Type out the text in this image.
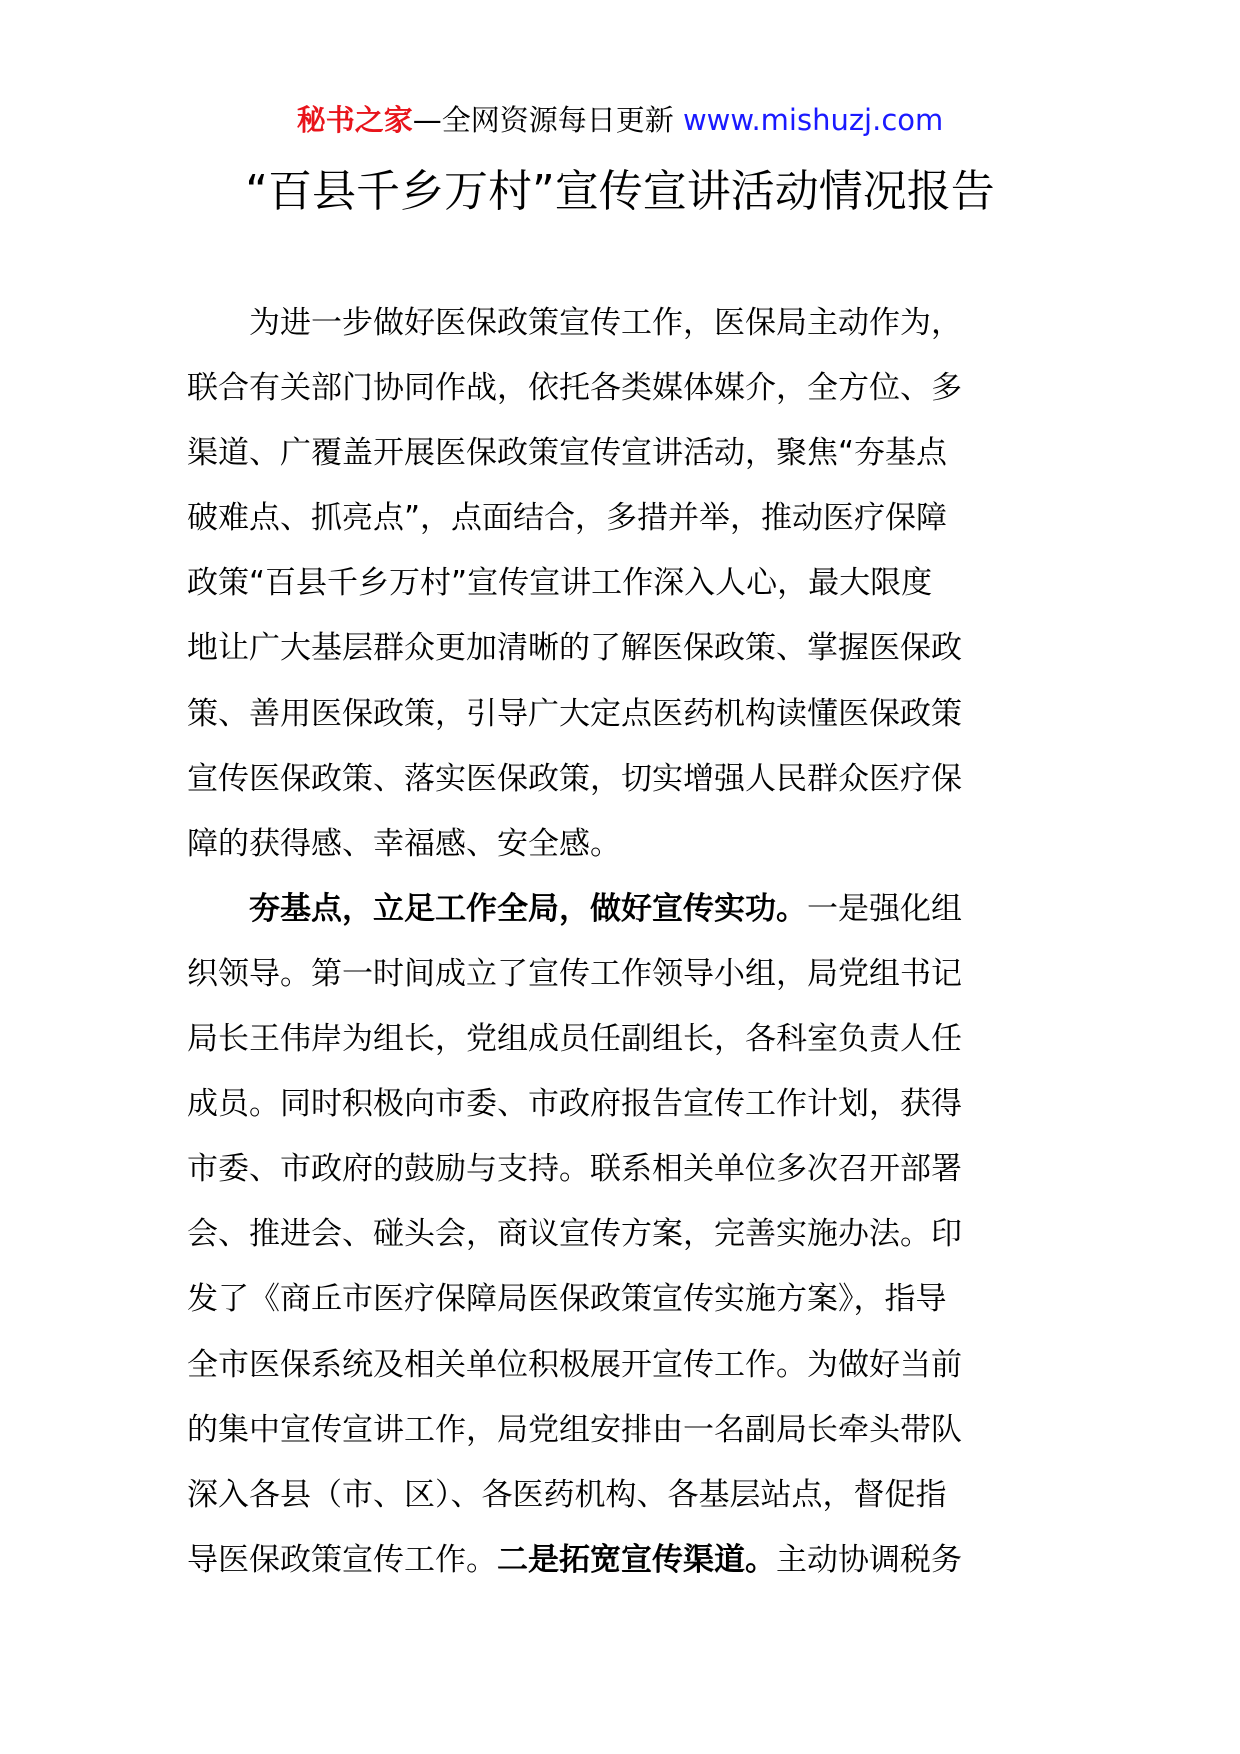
秘书之家—全网资源每日更新 www.mishuzj.com
“百县千乡万村”宣传宣讲活动情况报告

为进一步做好医保政策宣传工作，医保局主动作为，
联合有关部门协同作战，依托各类媒体媒介，全方位、多
渠道、广覆盖开展医保政策宣传宣讲活动，聚焦“夯基点
破难点、抓亮点”，点面结合，多措并举，推动医疗保障
政策“百县千乡万村”宣传宣讲工作深入人心，最大限度
地让广大基层群众更加清晰的了解医保政策、掌握医保政
策、善用医保政策，引导广大定点医药机构读懂医保政策
宣传医保政策、落实医保政策，切实增强人民群众医疗保
障的获得感、幸福感、安全感。

夯基点，立足工作全局，做好宣传实功。一是强化组
织领导。第一时间成立了宣传工作领导小组，局党组书记
局长王伟岸为组长，党组成员任副组长，各科室负责人任
成员。同时积极向市委、市政府报告宣传工作计划，获得
市委、市政府的鼓励与支持。联系相关单位多次召开部署
会、推进会、碰头会，商议宣传方案，完善实施办法。印
发了《商丘市医疗保障局医保政策宣传实施方案》，指导
全市医保系统及相关单位积极展开宣传工作。为做好当前
的集中宣传宣讲工作，局党组安排由一名副局长牵头带队
深入各县（市、区）、各医药机构、各基层站点，督促指
导医保政策宣传工作。二是拓宽宣传渠道。主动协调税务
